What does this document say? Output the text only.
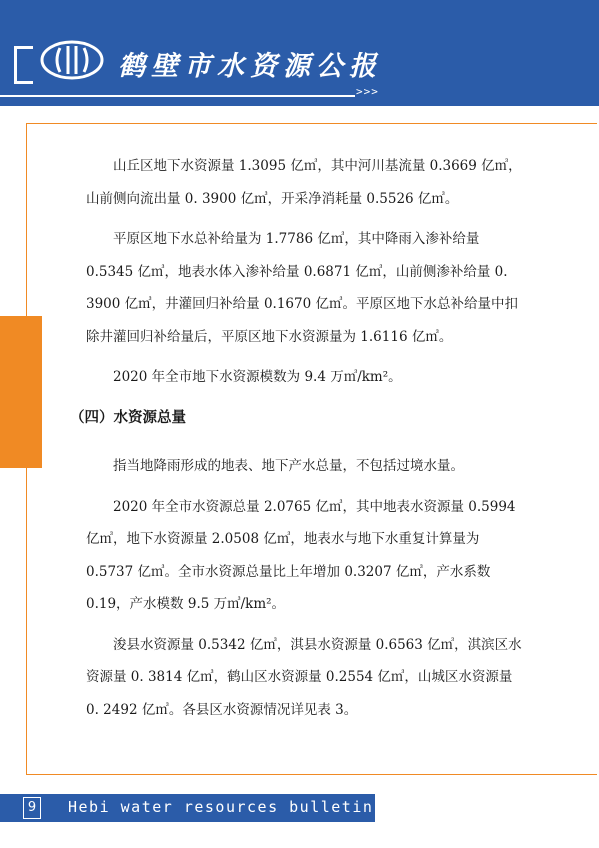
鹤壁市水资源公报
>>>

山丘区地下水资源量 1.3095 亿㎥，其中河川基流量 0.3669 亿㎥，山前侧向流出量 0. 3900 亿㎥，开采净消耗量 0.5526 亿㎥。

平原区地下水总补给量为 1.7786 亿㎥，其中降雨入渗补给量 0.5345 亿㎥，地表水体入渗补给量 0.6871 亿㎥，山前侧渗补给量 0. 3900 亿㎥，井灌回归补给量 0.1670 亿㎥。平原区地下水总补给量中扣除井灌回归补给量后，平原区地下水资源量为 1.6116 亿㎥。

2020 年全市地下水资源模数为 9.4 万㎥/km²。

（四）水资源总量

指当地降雨形成的地表、地下产水总量，不包括过境水量。

2020 年全市水资源总量 2.0765 亿㎥，其中地表水资源量 0.5994 亿㎥，地下水资源量 2.0508 亿㎥，地表水与地下水重复计算量为 0.5737 亿㎥。全市水资源总量比上年增加 0.3207 亿㎥，产水系数 0.19，产水模数 9.5 万㎥/km²。

浚县水资源量 0.5342 亿㎥，淇县水资源量 0.6563 亿㎥，淇滨区水资源量 0. 3814 亿㎥，鹤山区水资源量 0.2554 亿㎥，山城区水资源量 0. 2492 亿㎥。各县区水资源情况详见表 3。

9	Hebi water resources bulletin
